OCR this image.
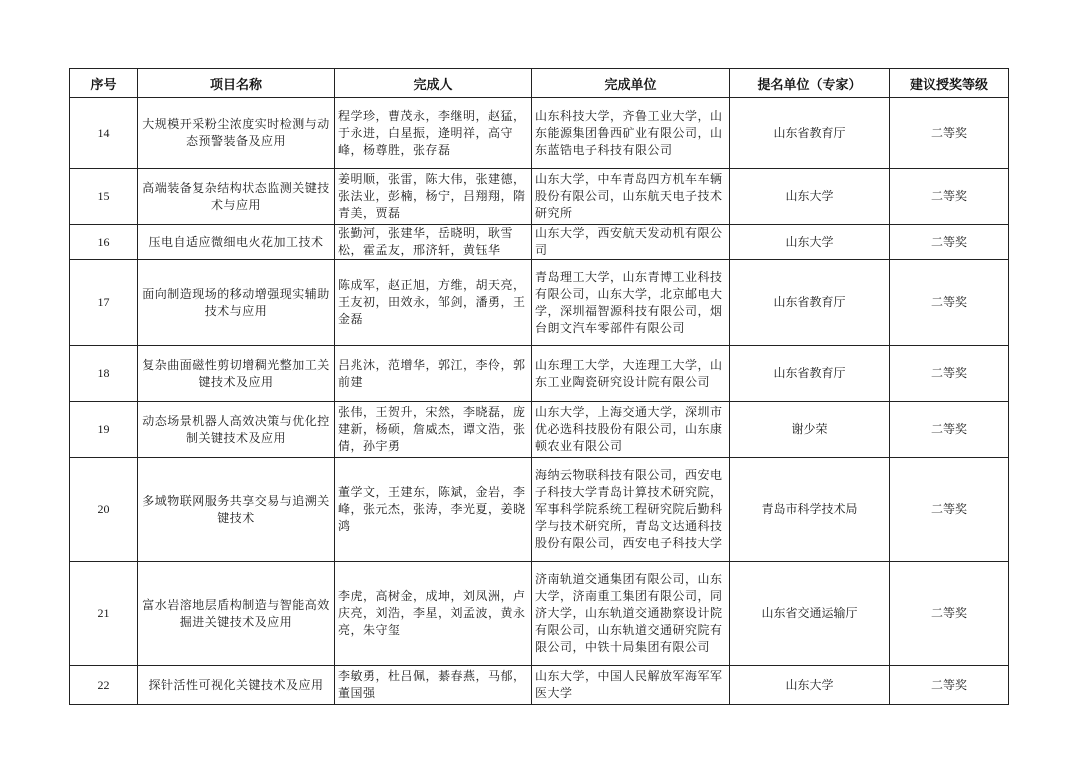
序号	项目名称	完成人	完成单位	提名单位（专家）	建议授奖等级
14	大规模开采粉尘浓度实时检测与动态预警装备及应用	程学珍，曹茂永，李继明，赵猛，于永进，白星振，逄明祥，高守峰，杨尊胜，张存磊	山东科技大学，齐鲁工业大学，山东能源集团鲁西矿业有限公司，山东蓝锆电子科技有限公司	山东省教育厅	二等奖
15	高端装备复杂结构状态监测关键技术与应用	姜明顺，张雷，陈大伟，张建德，张法业，彭楠，杨宁，吕翔翔，隋青美，贾磊	山东大学，中车青岛四方机车车辆股份有限公司，山东航天电子技术研究所	山东大学	二等奖
16	压电自适应微细电火花加工技术	张勤河，张建华，岳晓明，耿雪松，霍孟友，邢济轩，黄钰华	山东大学，西安航天发动机有限公司	山东大学	二等奖
17	面向制造现场的移动增强现实辅助技术与应用	陈成军，赵正旭，方维，胡天亮，王友初，田效永，邹剑，潘勇，王金磊	青岛理工大学，山东青博工业科技有限公司，山东大学，北京邮电大学，深圳福智源科技有限公司，烟台朗文汽车零部件有限公司	山东省教育厅	二等奖
18	复杂曲面磁性剪切增稠光整加工关键技术及应用	吕兆沐，范增华，郭江，李伶，郭前建	山东理工大学，大连理工大学，山东工业陶瓷研究设计院有限公司	山东省教育厅	二等奖
19	动态场景机器人高效决策与优化控制关键技术及应用	张伟，王贺升，宋然，李晓磊，庞建新，杨硕，詹威杰，谭文浩，张倩，孙宇勇	山东大学，上海交通大学，深圳市优必选科技股份有限公司，山东康顿农业有限公司	谢少荣	二等奖
20	多域物联网服务共享交易与追溯关键技术	董学文，王建东，陈斌，金岩，李峰，张元杰，张涛，李光夏，姜晓鸿	海纳云物联科技有限公司，西安电子科技大学青岛计算技术研究院，军事科学院系统工程研究院后勤科学与技术研究所，青岛文达通科技股份有限公司，西安电子科技大学	青岛市科学技术局	二等奖
21	富水岩溶地层盾构制造与智能高效掘进关键技术及应用	李虎，高树金，成坤，刘凤洲，卢庆亮，刘浩，李星，刘孟波，黄永亮，朱守玺	济南轨道交通集团有限公司，山东大学，济南重工集团有限公司，同济大学，山东轨道交通勘察设计院有限公司，山东轨道交通研究院有限公司，中铁十局集团有限公司	山东省交通运输厅	二等奖
22	探针活性可视化关键技术及应用	李敏勇，杜吕佩，綦春燕，马郁，董国强	山东大学，中国人民解放军海军军医大学	山东大学	二等奖
